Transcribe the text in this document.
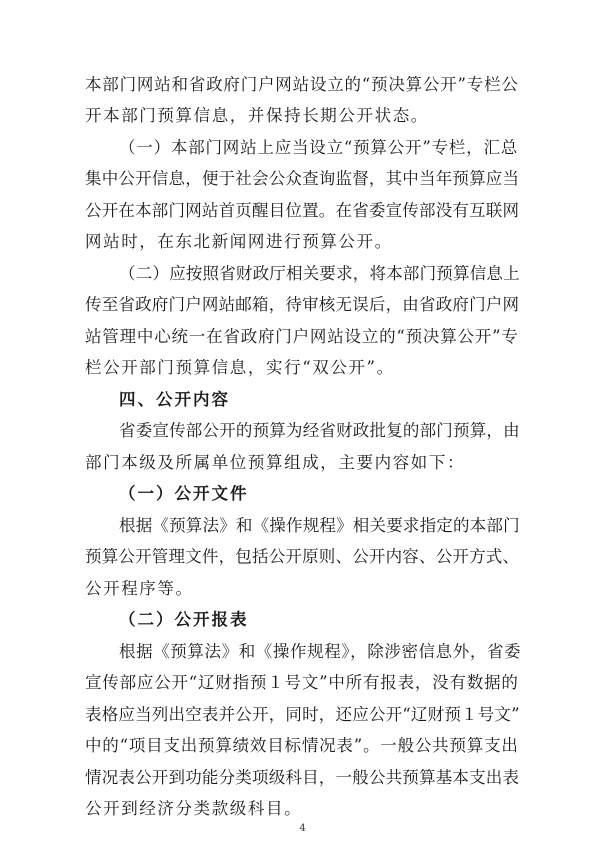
本部门网站和省政府门户网站设立的“预决算公开”专栏公
开本部门预算信息，并保持长期公开状态。
（一）本部门网站上应当设立“预算公开”专栏，汇总
集中公开信息，便于社会公众查询监督，其中当年预算应当
公开在本部门网站首页醒目位置。在省委宣传部没有互联网
网站时，在东北新闻网进行预算公开。
（二）应按照省财政厅相关要求，将本部门预算信息上
传至省政府门户网站邮箱，待审核无误后，由省政府门户网
站管理中心统一在省政府门户网站设立的“预决算公开”专
栏公开部门预算信息，实行“双公开”。
四、公开内容
省委宣传部公开的预算为经省财政批复的部门预算，由
部门本级及所属单位预算组成，主要内容如下：
（一）公开文件
根据《预算法》和《操作规程》相关要求指定的本部门
预算公开管理文件，包括公开原则、公开内容、公开方式、
公开程序等。
（二）公开报表
根据《预算法》和《操作规程》，除涉密信息外，省委
宣传部应公开“辽财指预１号文”中所有报表，没有数据的
表格应当列出空表并公开，同时，还应公开“辽财预１号文”
中的“项目支出预算绩效目标情况表”。一般公共预算支出
情况表公开到功能分类项级科目，一般公共预算基本支出表
公开到经济分类款级科目。
4
